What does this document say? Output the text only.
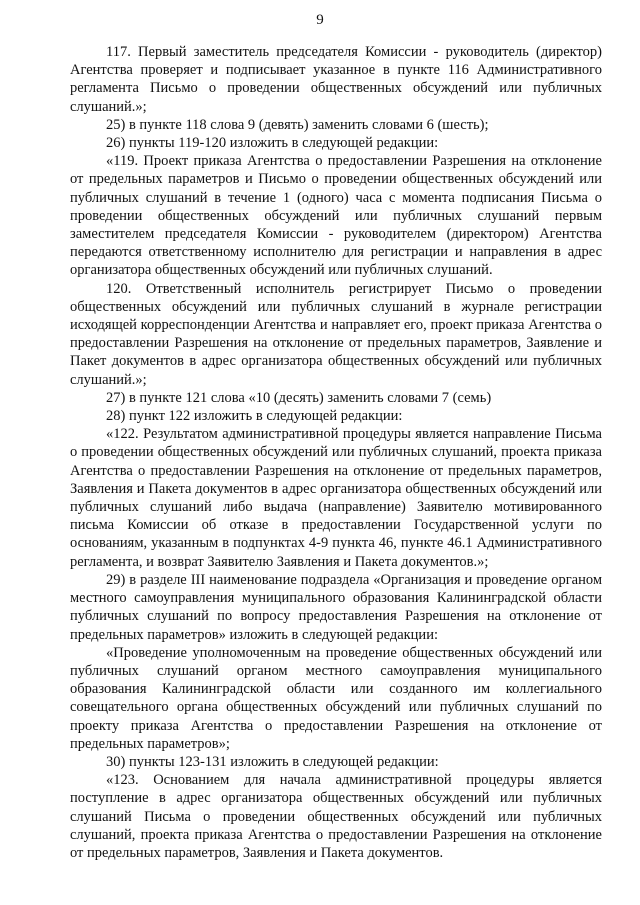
9

117. Первый заместитель председателя Комиссии - руководитель (директор) Агентства проверяет и подписывает указанное в пункте 116 Административного регламента Письмо о проведении общественных обсуждений или публичных слушаний.»;

25) в пункте 118 слова 9 (девять) заменить словами 6 (шесть);

26) пункты 119-120 изложить в следующей редакции:

«119. Проект приказа Агентства о предоставлении Разрешения на отклонение от предельных параметров и Письмо о проведении общественных обсуждений или публичных слушаний в течение 1 (одного) часа с момента подписания Письма о проведении общественных обсуждений или публичных слушаний первым заместителем председателя Комиссии - руководителем (директором) Агентства передаются ответственному исполнителю для регистрации и направления в адрес организатора общественных обсуждений или публичных слушаний.

120. Ответственный исполнитель регистрирует Письмо о проведении общественных обсуждений или публичных слушаний в журнале регистрации исходящей корреспонденции Агентства и направляет его, проект приказа Агентства о предоставлении Разрешения на отклонение от предельных параметров, Заявление и Пакет документов в адрес организатора общественных обсуждений или публичных слушаний.»;

27) в пункте 121 слова «10 (десять) заменить словами 7 (семь)

28) пункт 122 изложить в следующей редакции:

«122. Результатом административной процедуры является направление Письма о проведении общественных обсуждений или публичных слушаний, проекта приказа Агентства о предоставлении Разрешения на отклонение от предельных параметров, Заявления и Пакета документов в адрес организатора общественных обсуждений или публичных слушаний либо выдача (направление) Заявителю мотивированного письма Комиссии об отказе в предоставлении Государственной услуги по основаниям, указанным в подпунктах 4-9 пункта 46, пункте 46.1 Административного регламента, и возврат Заявителю Заявления и Пакета документов.»;

29) в разделе III наименование подраздела «Организация и проведение органом местного самоуправления муниципального образования Калининградской области публичных слушаний по вопросу предоставления Разрешения на отклонение от предельных параметров» изложить в следующей редакции:

«Проведение уполномоченным на проведение общественных обсуждений или публичных слушаний органом местного самоуправления муниципального образования Калининградской области или созданного им коллегиального совещательного органа общественных обсуждений или публичных слушаний по проекту приказа Агентства о предоставлении Разрешения на отклонение от предельных параметров»;

30) пункты 123-131 изложить в следующей редакции:

«123. Основанием для начала административной процедуры является поступление в адрес организатора общественных обсуждений или публичных слушаний Письма о проведении общественных обсуждений или публичных слушаний, проекта приказа Агентства о предоставлении Разрешения на отклонение от предельных параметров, Заявления и Пакета документов.
